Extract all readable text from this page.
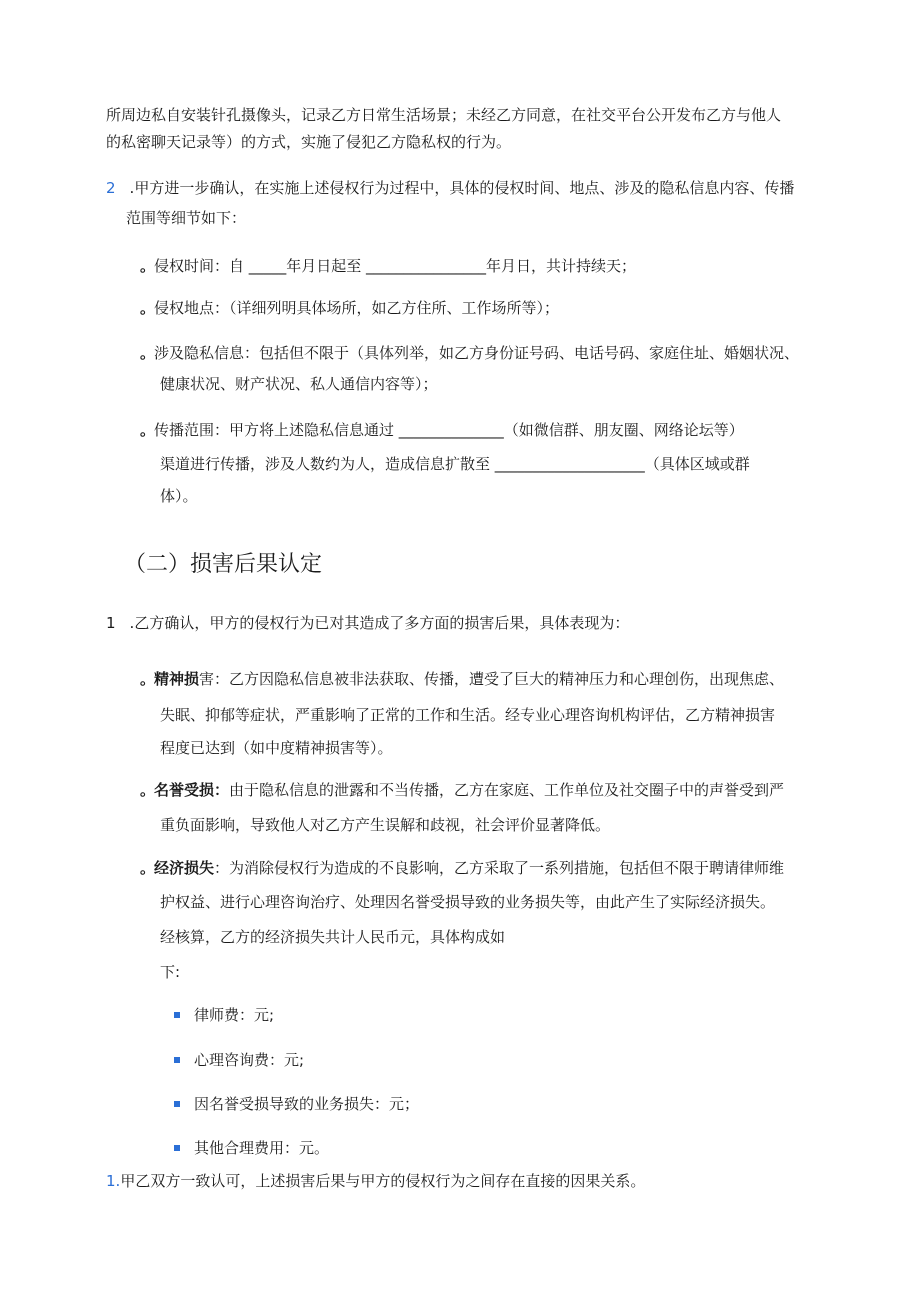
所周边私自安装针孔摄像头，记录乙方日常生活场景；未经乙方同意，在社交平台公开发布乙方与他人
的私密聊天记录等）的方式，实施了侵犯乙方隐私权的行为。
2 .甲方进一步确认，在实施上述侵权行为过程中，具体的侵权时间、地点、涉及的隐私信息内容、传播
范围等细节如下：
。侵权时间：自 _____年月日起至 ________________年月日，共计持续天；
。侵权地点：（详细列明具体场所，如乙方住所、工作场所等）；
。涉及隐私信息：包括但不限于（具体列举，如乙方身份证号码、电话号码、家庭住址、婚姻状况、
健康状况、财产状况、私人通信内容等）；
。传播范围：甲方将上述隐私信息通过 ______________（如微信群、朋友圈、网络论坛等）
渠道进行传播，涉及人数约为人，造成信息扩散至 ____________________（具体区域或群
体）。
（二）损害后果认定
1 .乙方确认，甲方的侵权行为已对其造成了多方面的损害后果，具体表现为：
。精神损害：乙方因隐私信息被非法获取、传播，遭受了巨大的精神压力和心理创伤，出现焦虑、
失眠、抑郁等症状，严重影响了正常的工作和生活。经专业心理咨询机构评估，乙方精神损害
程度已达到（如中度精神损害等）。
。名誉受损：由于隐私信息的泄露和不当传播，乙方在家庭、工作单位及社交圈子中的声誉受到严
重负面影响，导致他人对乙方产生误解和歧视，社会评价显著降低。
。经济损失：为消除侵权行为造成的不良影响，乙方采取了一系列措施，包括但不限于聘请律师维
护权益、进行心理咨询治疗、处理因名誉受损导致的业务损失等，由此产生了实际经济损失。
经核算，乙方的经济损失共计人民币元，具体构成如
下:
律师费：元;
心理咨询费：元;
因名誉受损导致的业务损失：元；
其他合理费用：元。
1.甲乙双方一致认可，上述损害后果与甲方的侵权行为之间存在直接的因果关系。
